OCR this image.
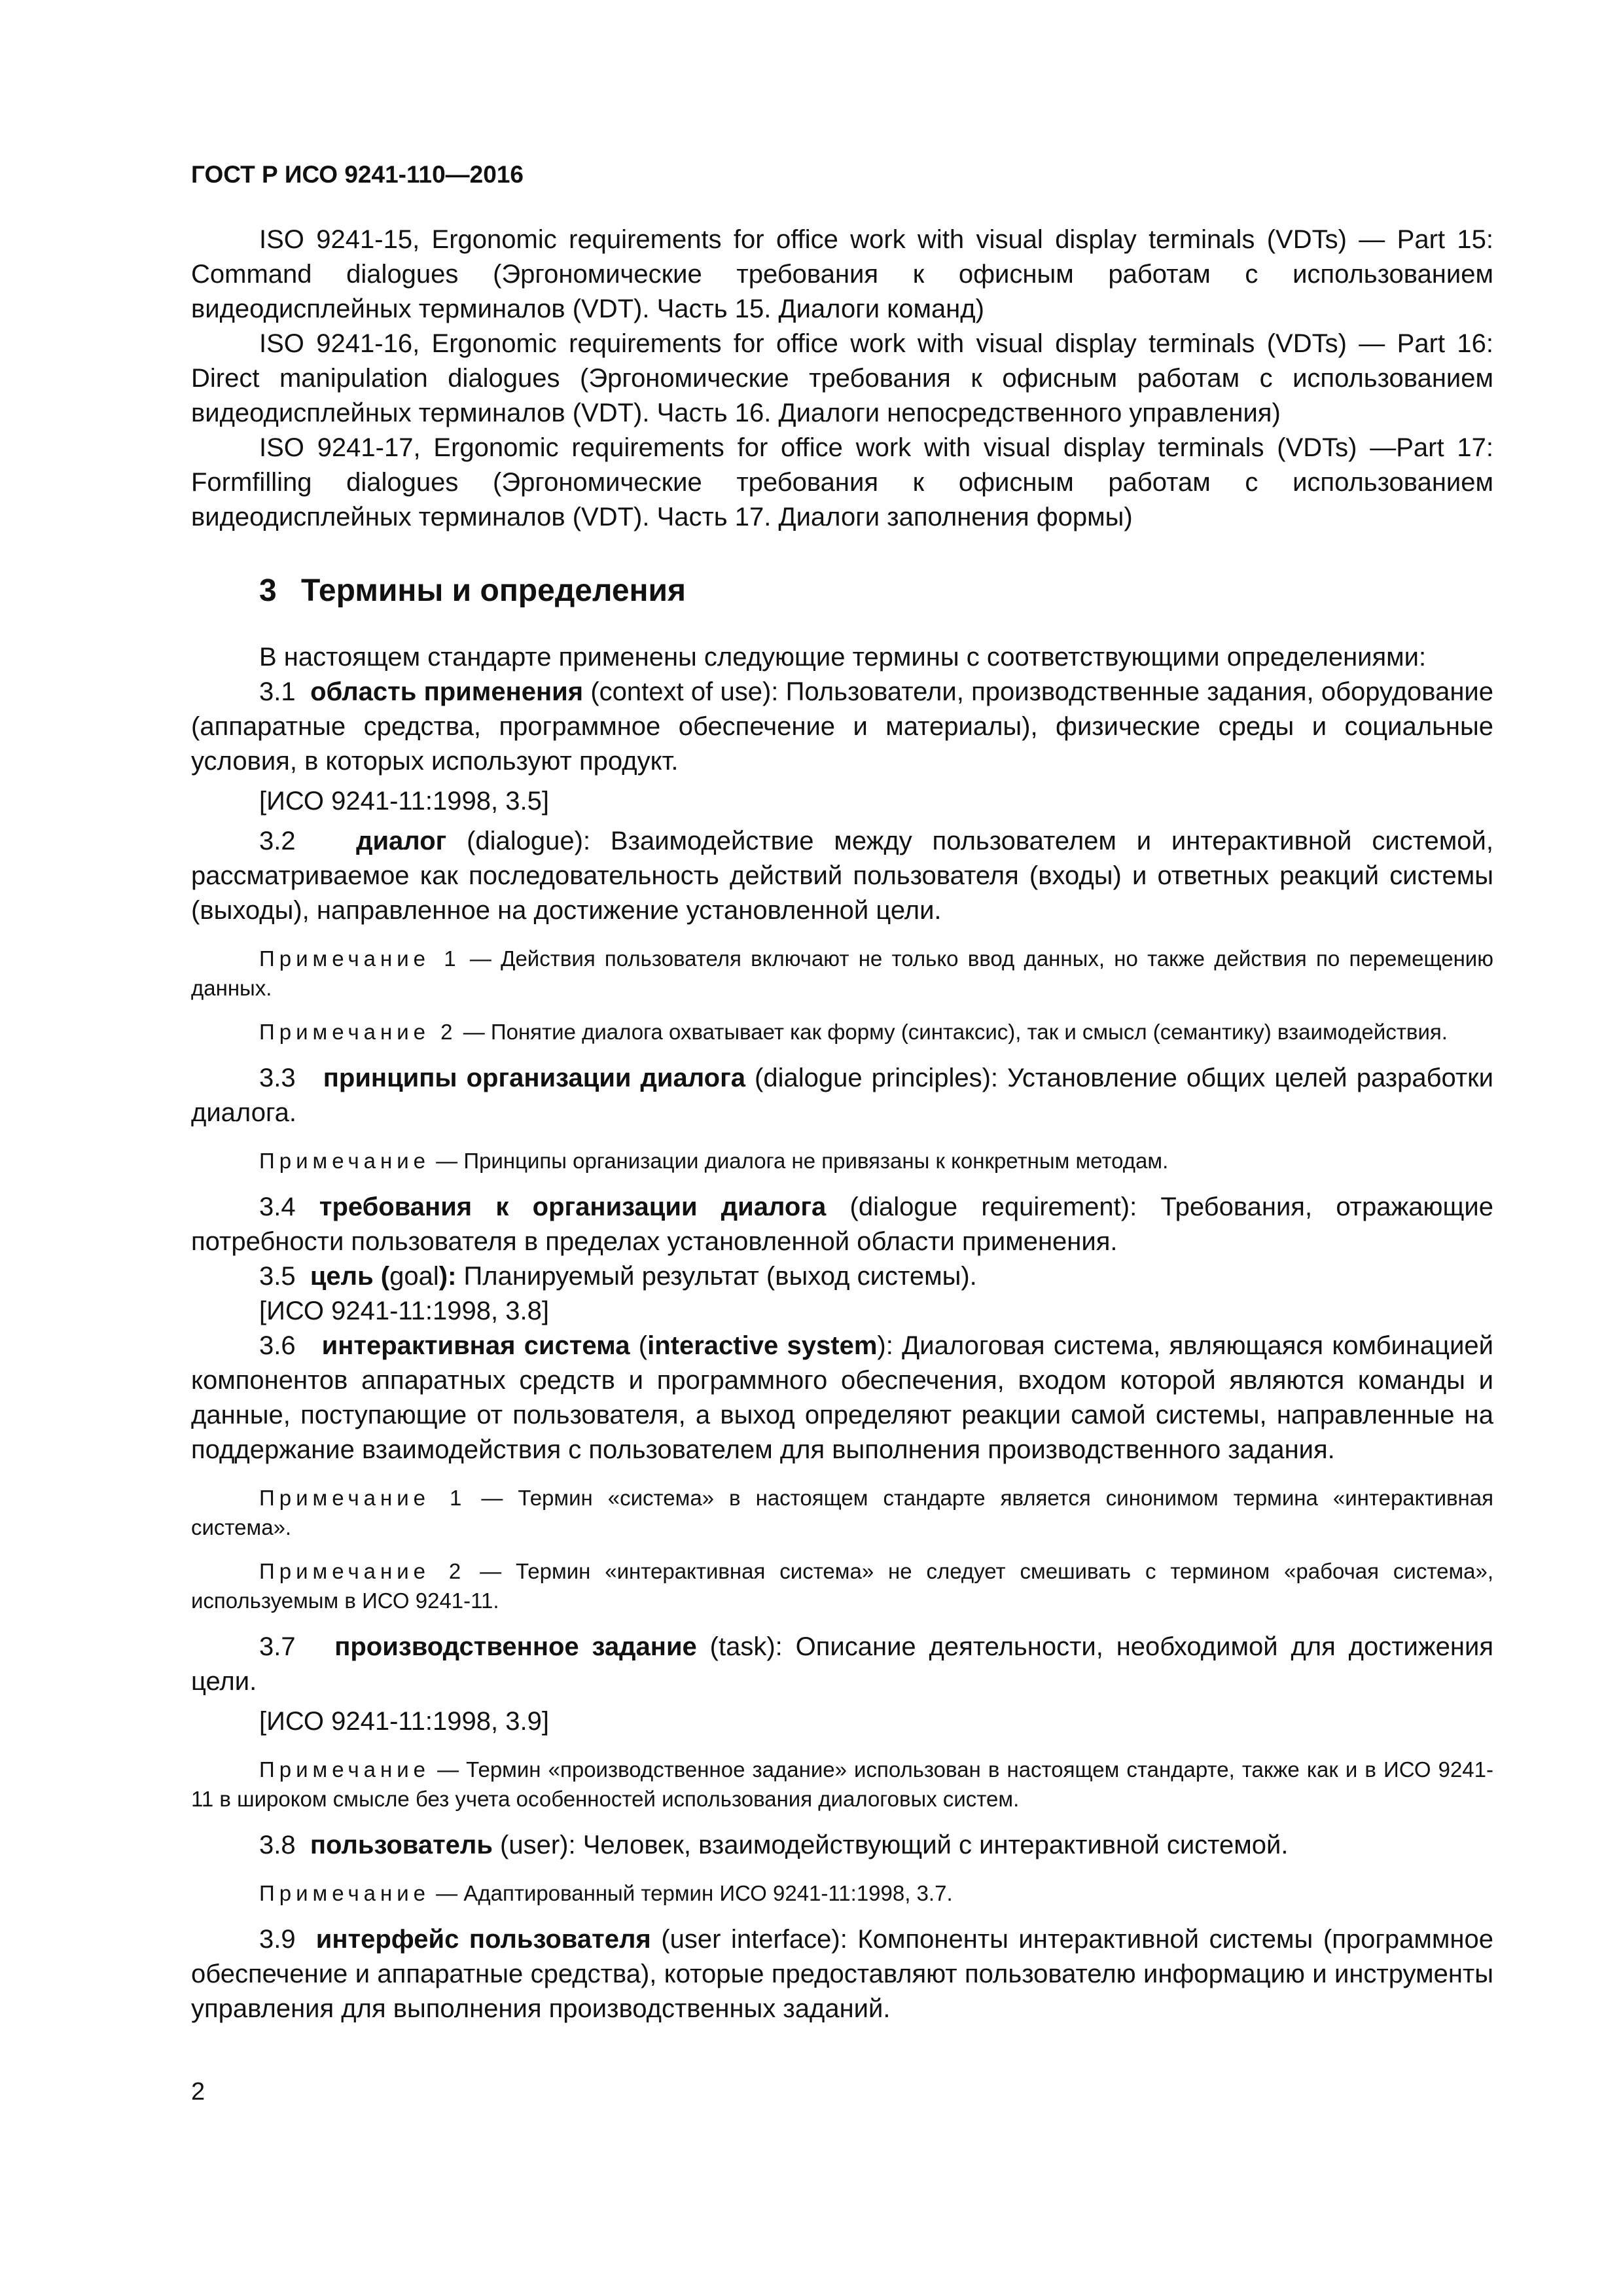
ГОСТ Р ИСО 9241-110—2016

ISO 9241-15, Ergonomic requirements for office work with visual display terminals (VDTs) — Part 15: Command dialogues (Эргономические требования к офисным работам с использованием видеодисплейных терминалов (VDT). Часть 15. Диалоги команд)

ISO 9241-16, Ergonomic requirements for office work with visual display terminals (VDTs) — Part 16: Direct manipulation dialogues (Эргономические требования к офисным работам с использованием видеодисплейных терминалов (VDT). Часть 16. Диалоги непосредственного управления)

ISO 9241-17, Ergonomic requirements for office work with visual display terminals (VDTs) —Part 17: Formfilling dialogues (Эргономические требования к офисным работам с использованием видеодисплейных терминалов (VDT). Часть 17. Диалоги заполнения формы)

3 Термины и определения

В настоящем стандарте применены следующие термины с соответствующими определениями:

3.1 область применения (context of use): Пользователи, производственные задания, оборудование (аппаратные средства, программное обеспечение и материалы), физические среды и социальные условия, в которых используют продукт.

[ИСО 9241-11:1998, 3.5]

3.2 диалог (dialogue): Взаимодействие между пользователем и интерактивной системой, рассматриваемое как последовательность действий пользователя (входы) и ответных реакций системы (выходы), направленное на достижение установленной цели.

Примечание 1 — Действия пользователя включают не только ввод данных, но также действия по перемещению данных.

Примечание 2 — Понятие диалога охватывает как форму (синтаксис), так и смысл (семантику) взаимодействия.

3.3 принципы организации диалога (dialogue principles): Установление общих целей разработки диалога.

Примечание — Принципы организации диалога не привязаны к конкретным методам.

3.4 требования к организации диалога (dialogue requirement): Требования, отражающие потребности пользователя в пределах установленной области применения.

3.5 цель (goal): Планируемый результат (выход системы).

[ИСО 9241-11:1998, 3.8]

3.6 интерактивная система (interactive system): Диалоговая система, являющаяся комбинацией компонентов аппаратных средств и программного обеспечения, входом которой являются команды и данные, поступающие от пользователя, а выход определяют реакции самой системы, направленные на поддержание взаимодействия с пользователем для выполнения производственного задания.

Примечание 1 — Термин «система» в настоящем стандарте является синонимом термина «интерактивная система».

Примечание 2 — Термин «интерактивная система» не следует смешивать с термином «рабочая система», используемым в ИСО 9241-11.

3.7 производственное задание (task): Описание деятельности, необходимой для достижения цели.

[ИСО 9241-11:1998, 3.9]

Примечание — Термин «производственное задание» использован в настоящем стандарте, также как и в ИСО 9241-11 в широком смысле без учета особенностей использования диалоговых систем.

3.8 пользователь (user): Человек, взаимодействующий с интерактивной системой.

Примечание — Адаптированный термин ИСО 9241-11:1998, 3.7.

3.9 интерфейс пользователя (user interface): Компоненты интерактивной системы (программное обеспечение и аппаратные средства), которые предоставляют пользователю информацию и инструменты управления для выполнения производственных заданий.

2
